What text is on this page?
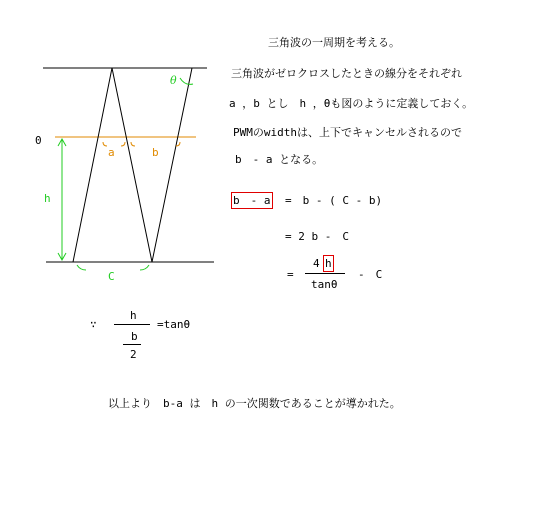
0
θ
a	b
h
C
三角波の一周期を考える。
三角波がゼロクロスしたときの線分をそれぞれ
a ，b とし　h ，θも図のように定義しておく。
PWMのwidthは、上下でキャンセルされるので
b　- a となる。
b　- a =　b - ( C - b)
= 2 b -　C
=
4 h
tanθ
-　C
∵
h
b
2
=tanθ
以上より　b-a は　h の一次関数であることが導かれた。
